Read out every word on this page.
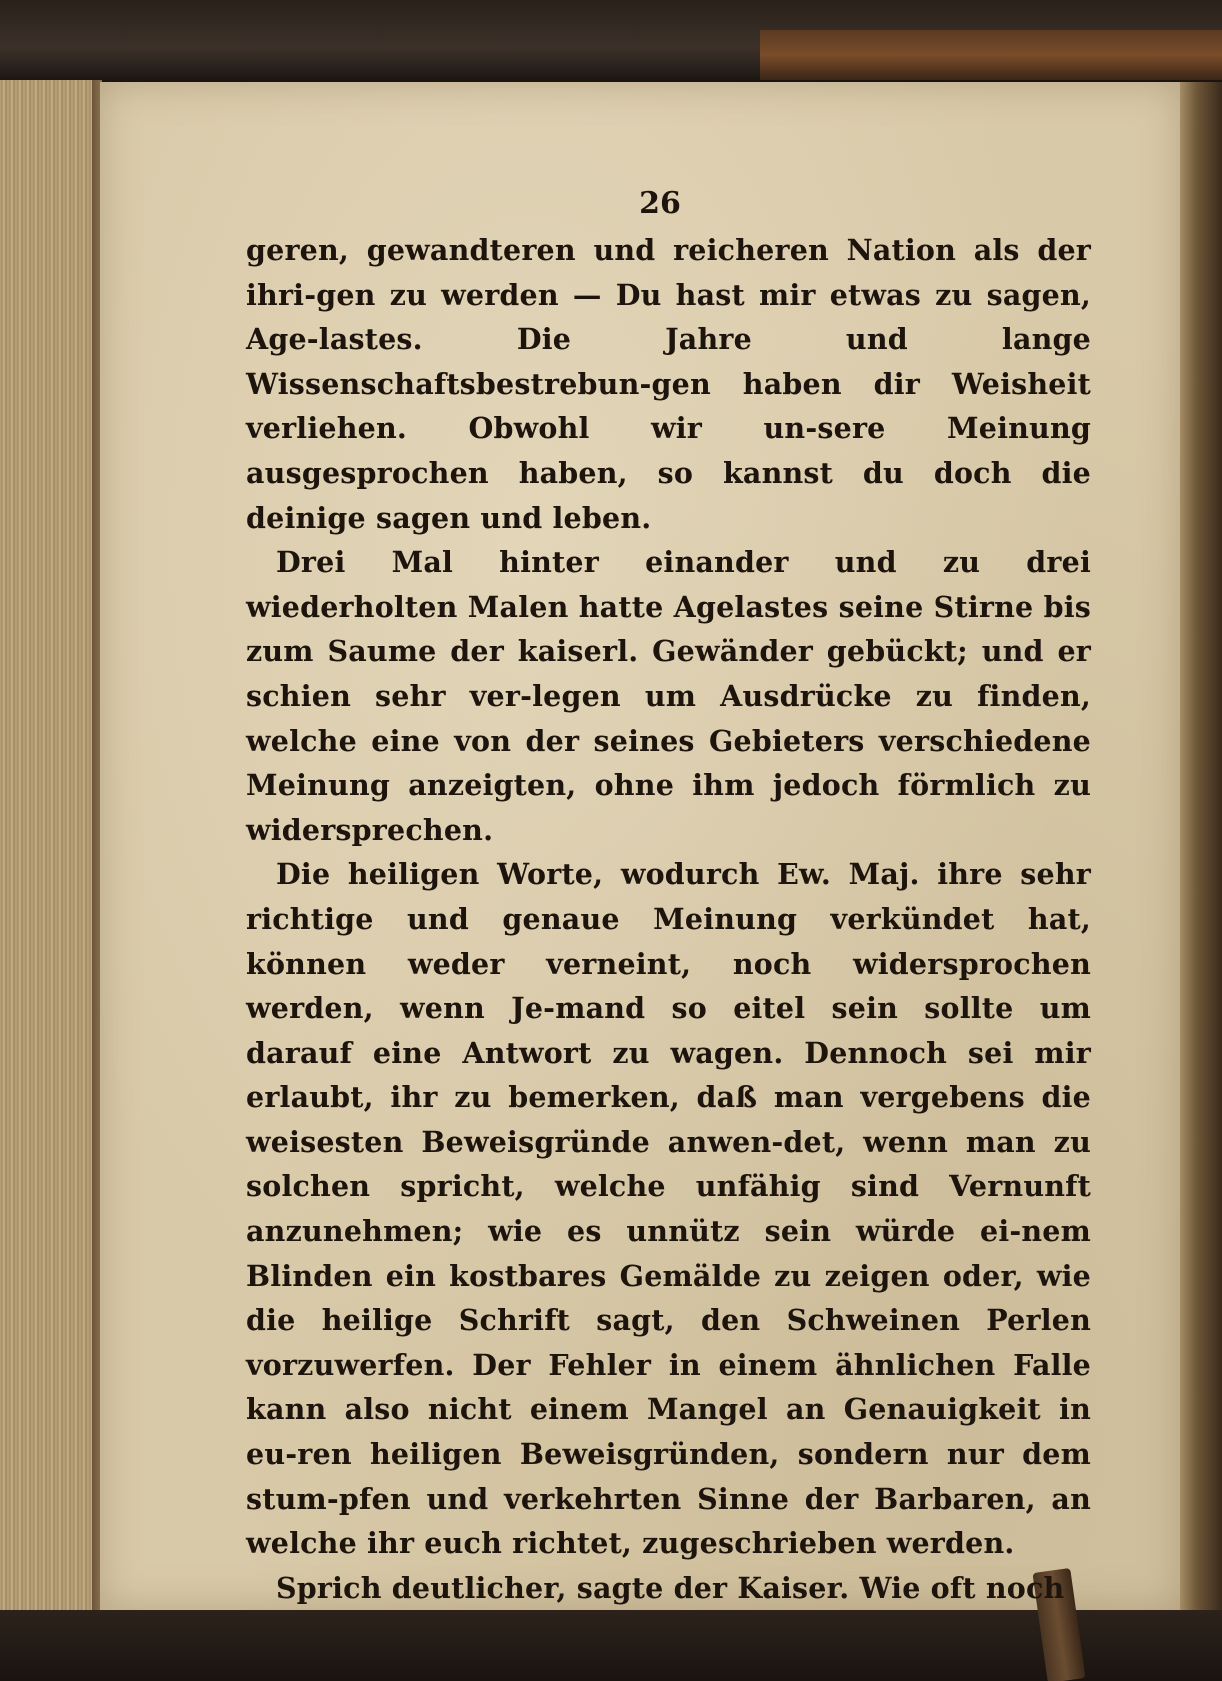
26

geren, gewandteren und reicheren Nation als der ihri-gen zu werden — Du hast mir etwas zu sagen, Age-lastes. Die Jahre und lange Wissenschaftsbestrebun-gen haben dir Weisheit verliehen. Obwohl wir un-sere Meinung ausgesprochen haben, so kannst du doch die deinige sagen und leben.

Drei Mal hinter einander und zu drei wiederholten Malen hatte Agelastes seine Stirne bis zum Saume der kaiserl. Gewänder gebückt; und er schien sehr ver-legen um Ausdrücke zu finden, welche eine von der seines Gebieters verschiedene Meinung anzeigten, ohne ihm jedoch förmlich zu widersprechen.

Die heiligen Worte, wodurch Ew. Maj. ihre sehr richtige und genaue Meinung verkündet hat, können weder verneint, noch widersprochen werden, wenn Je-mand so eitel sein sollte um darauf eine Antwort zu wagen. Dennoch sei mir erlaubt, ihr zu bemerken, daß man vergebens die weisesten Beweisgründe anwen-det, wenn man zu solchen spricht, welche unfähig sind Vernunft anzunehmen; wie es unnütz sein würde ei-nem Blinden ein kostbares Gemälde zu zeigen oder, wie die heilige Schrift sagt, den Schweinen Perlen vorzuwerfen. Der Fehler in einem ähnlichen Falle kann also nicht einem Mangel an Genauigkeit in eu-ren heiligen Beweisgründen, sondern nur dem stum-pfen und verkehrten Sinne der Barbaren, an welche ihr euch richtet, zugeschrieben werden.

Sprich deutlicher, sagte der Kaiser. Wie oft noch
